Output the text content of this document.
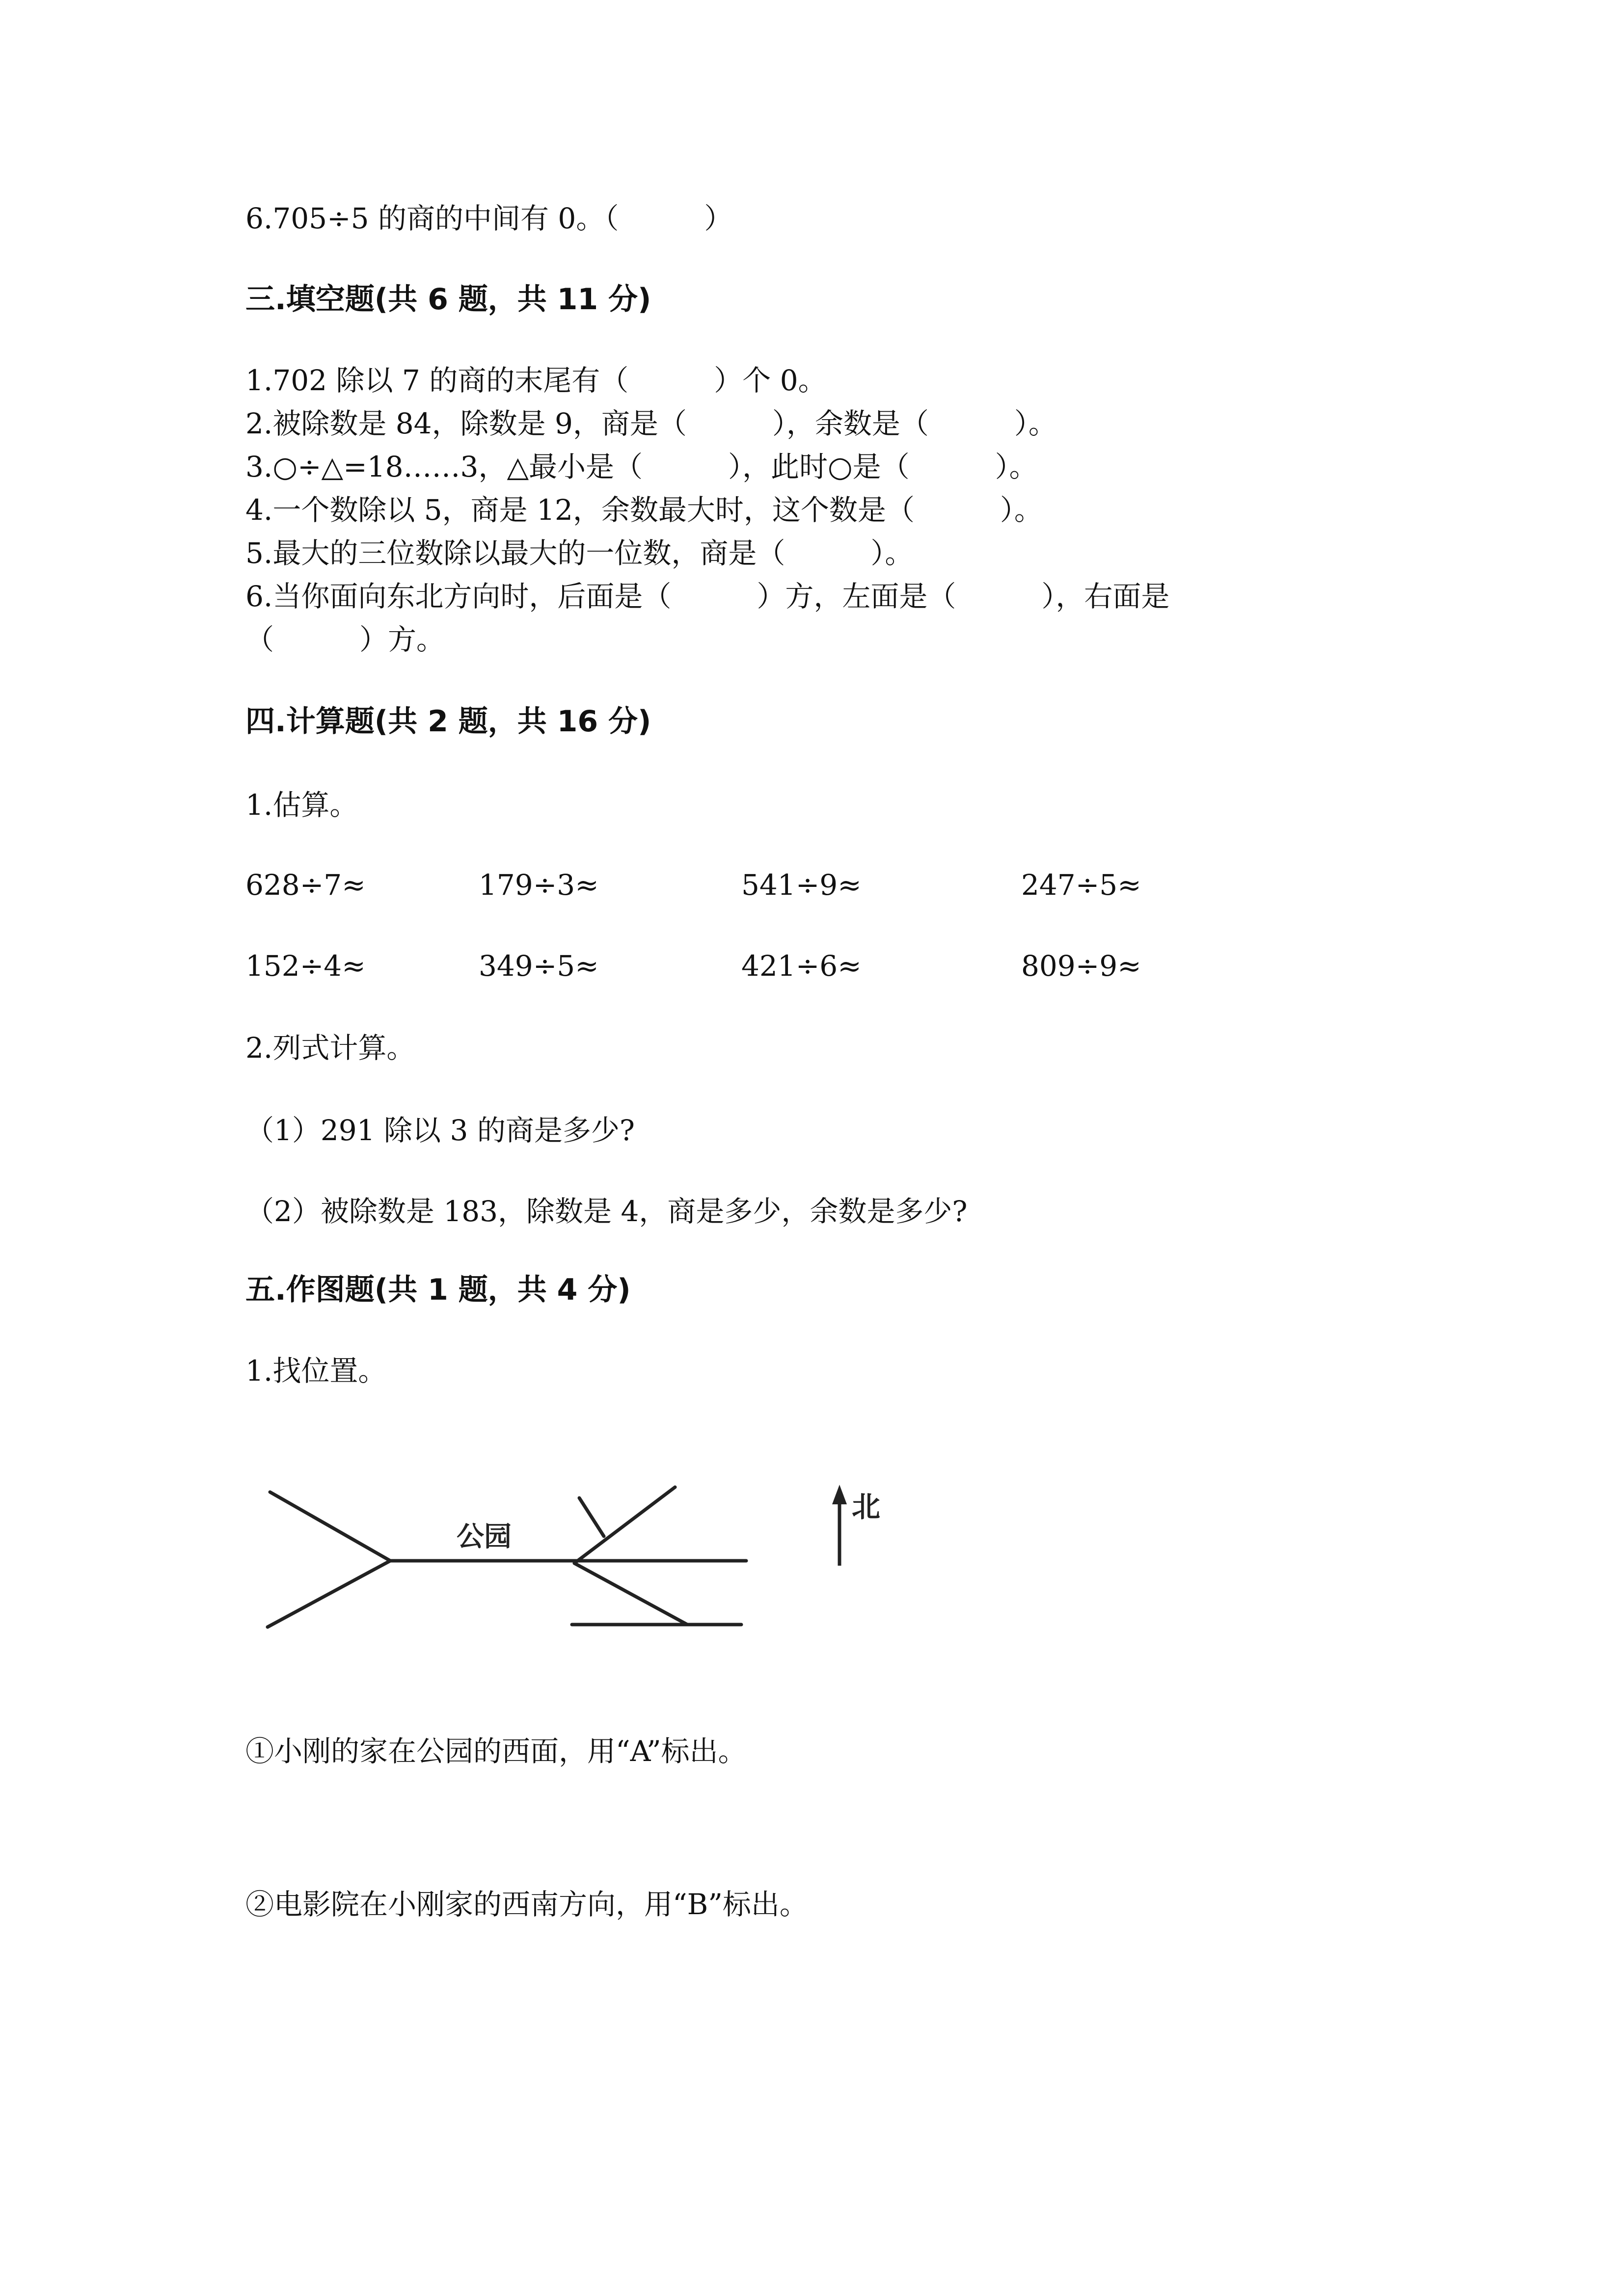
6.705÷5 的商的中间有 0。（　　　）
三.填空题(共 6 题，共 11 分)
1.702 除以 7 的商的末尾有（　　　）个 0。
2.被除数是 84，除数是 9，商是（　　　），余数是（　　　）。
3.○÷△=18……3，△最小是（　　　），此时○是（　　　）。
4.一个数除以 5，商是 12，余数最大时，这个数是（　　　）。
5.最大的三位数除以最大的一位数，商是（　　　）。
6.当你面向东北方向时，后面是（　　　）方，左面是（　　　），右面是
（　　　）方。
四.计算题(共 2 题，共 16 分)
1.估算。
628÷7≈	179÷3≈	541÷9≈	247÷5≈
152÷4≈	349÷5≈	421÷6≈	809÷9≈
2.列式计算。
（1）291 除以 3 的商是多少?
（2）被除数是 183，除数是 4，商是多少，余数是多少?
五.作图题(共 1 题，共 4 分)
1.找位置。
公园
北
①小刚的家在公园的西面，用“A”标出。
②电影院在小刚家的西南方向，用“B”标出。
